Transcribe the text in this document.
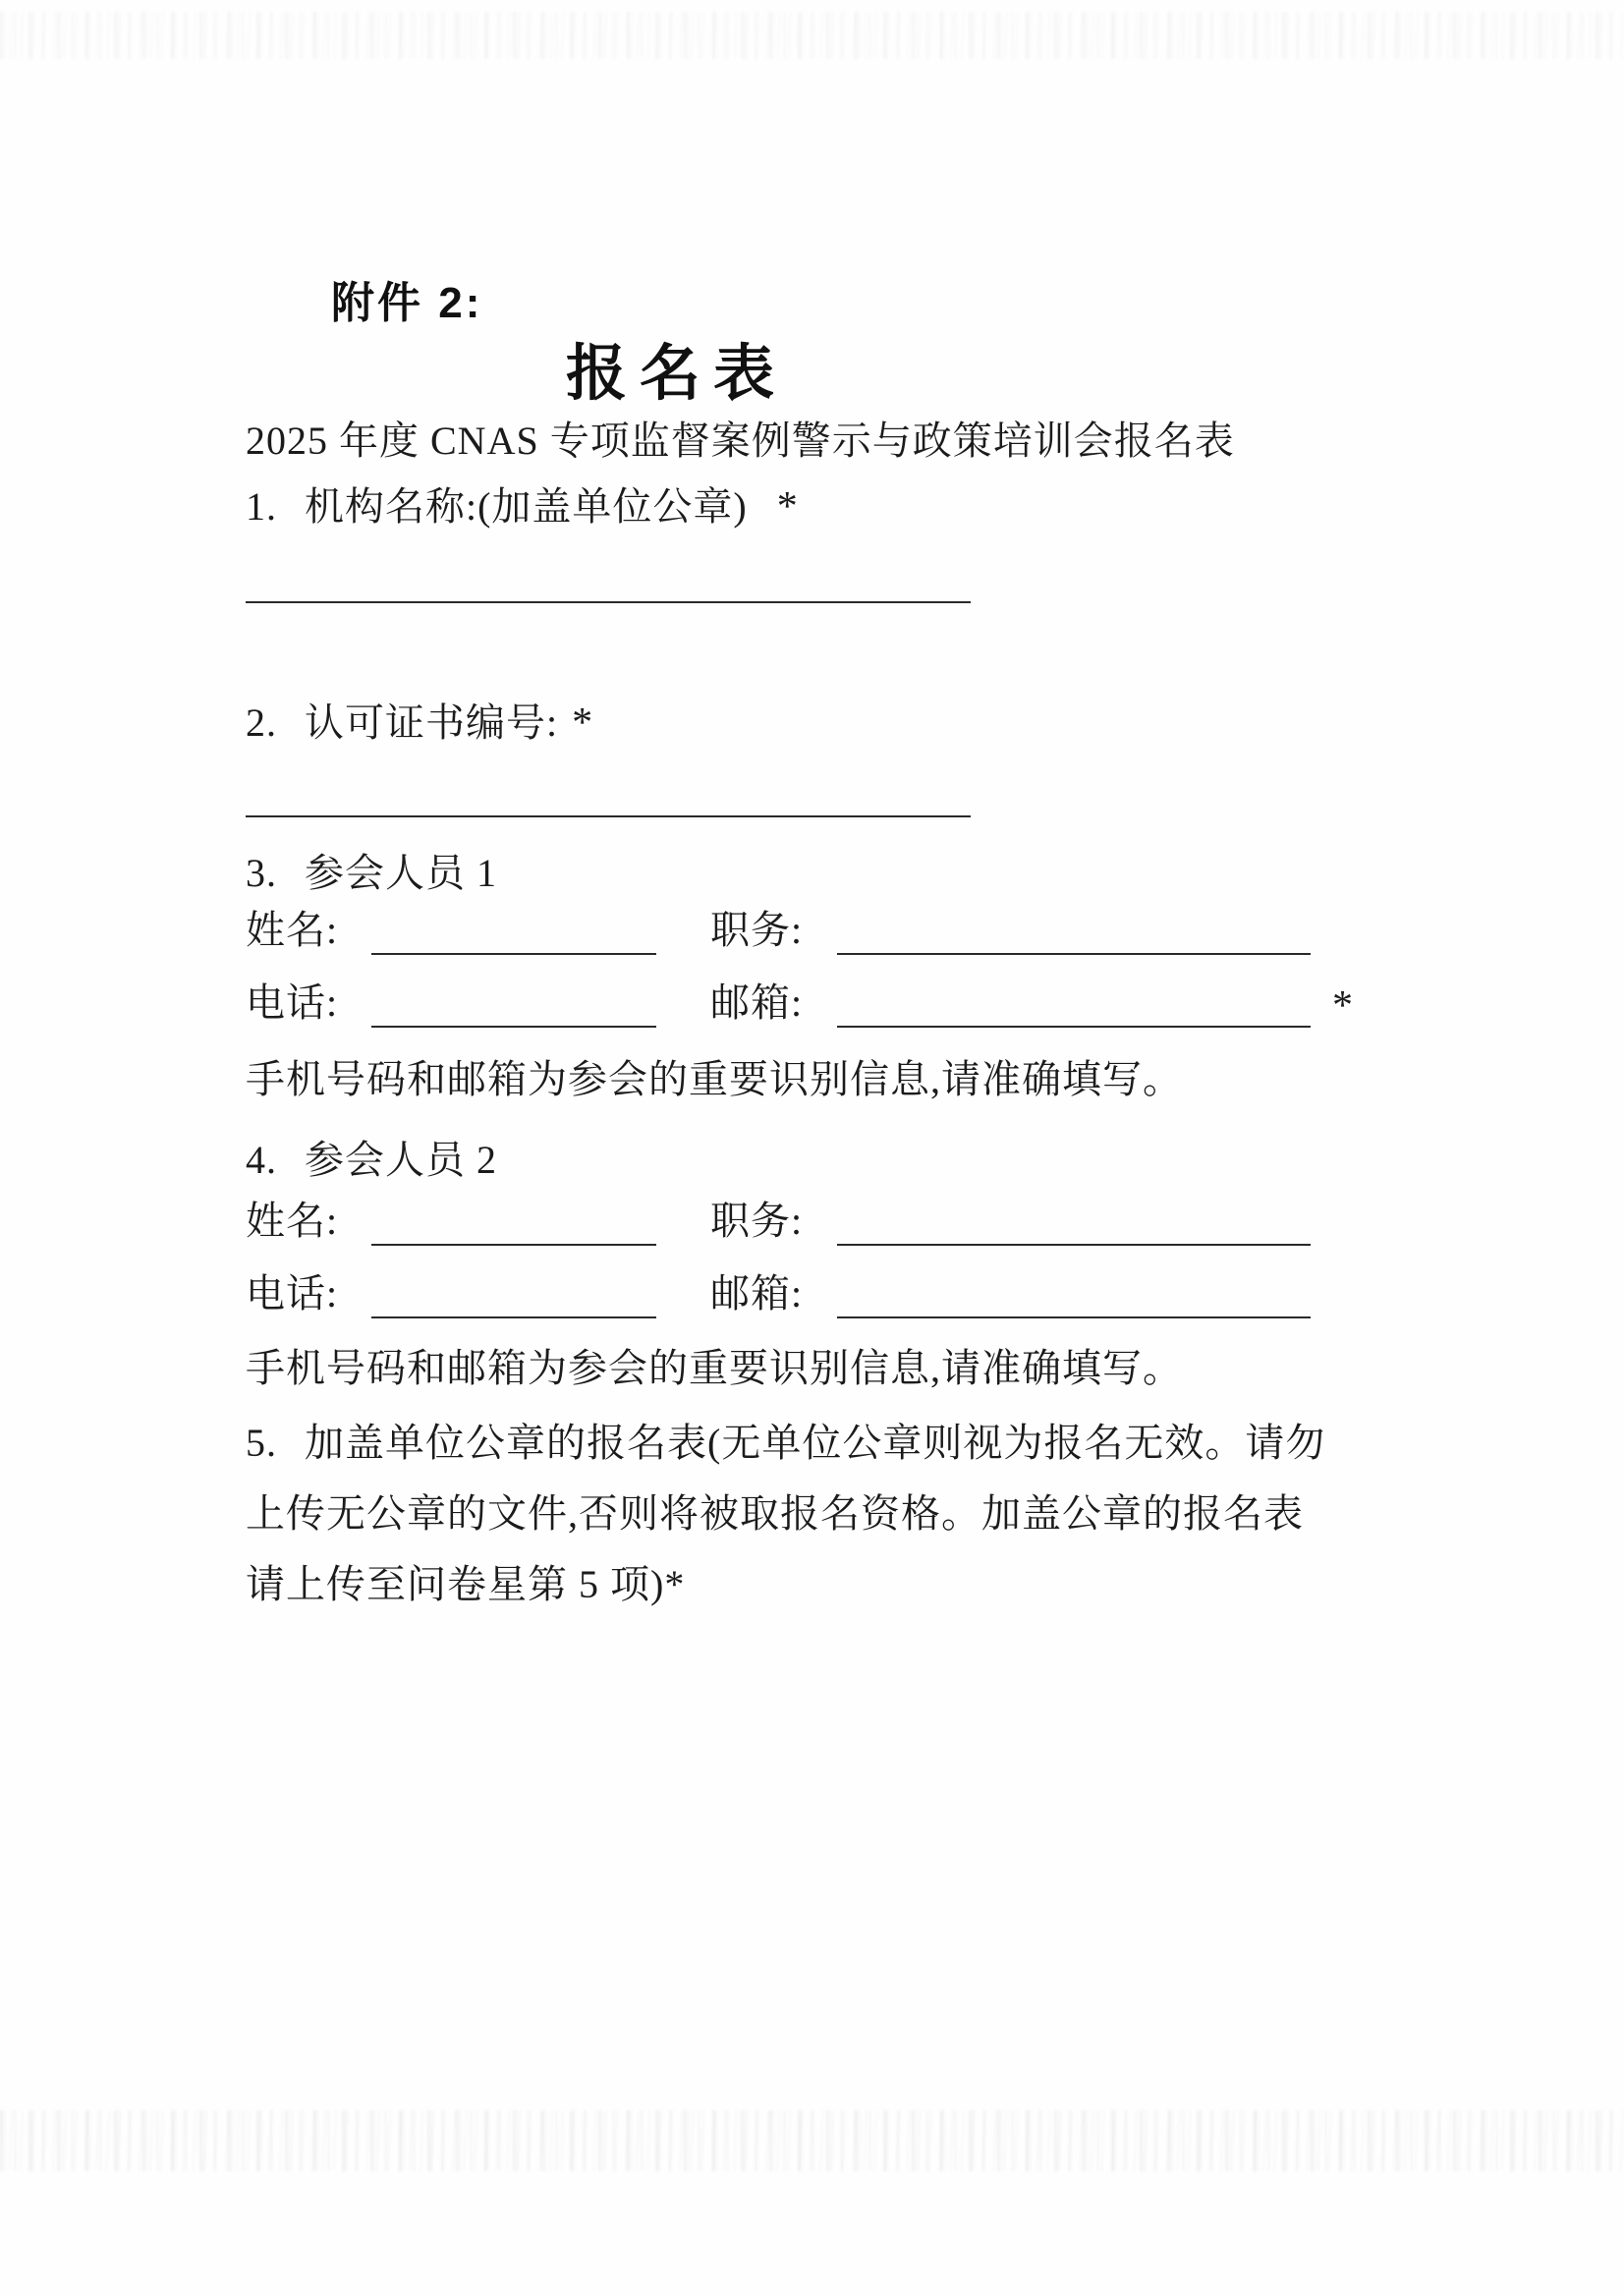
附件 2:
报名表
2025 年度 CNAS 专项监督案例警示与政策培训会报名表
1. 机构名称:(加盖单位公章) *
2. 认可证书编号: *
3. 参会人员 1
姓名:	职务:
电话:	邮箱:	*
手机号码和邮箱为参会的重要识别信息,请准确填写。
4. 参会人员 2
姓名:	职务:
电话:	邮箱:
手机号码和邮箱为参会的重要识别信息,请准确填写。
5. 加盖单位公章的报名表(无单位公章则视为报名无效。请勿
上传无公章的文件,否则将被取报名资格。加盖公章的报名表
请上传至问卷星第 5 项)*
